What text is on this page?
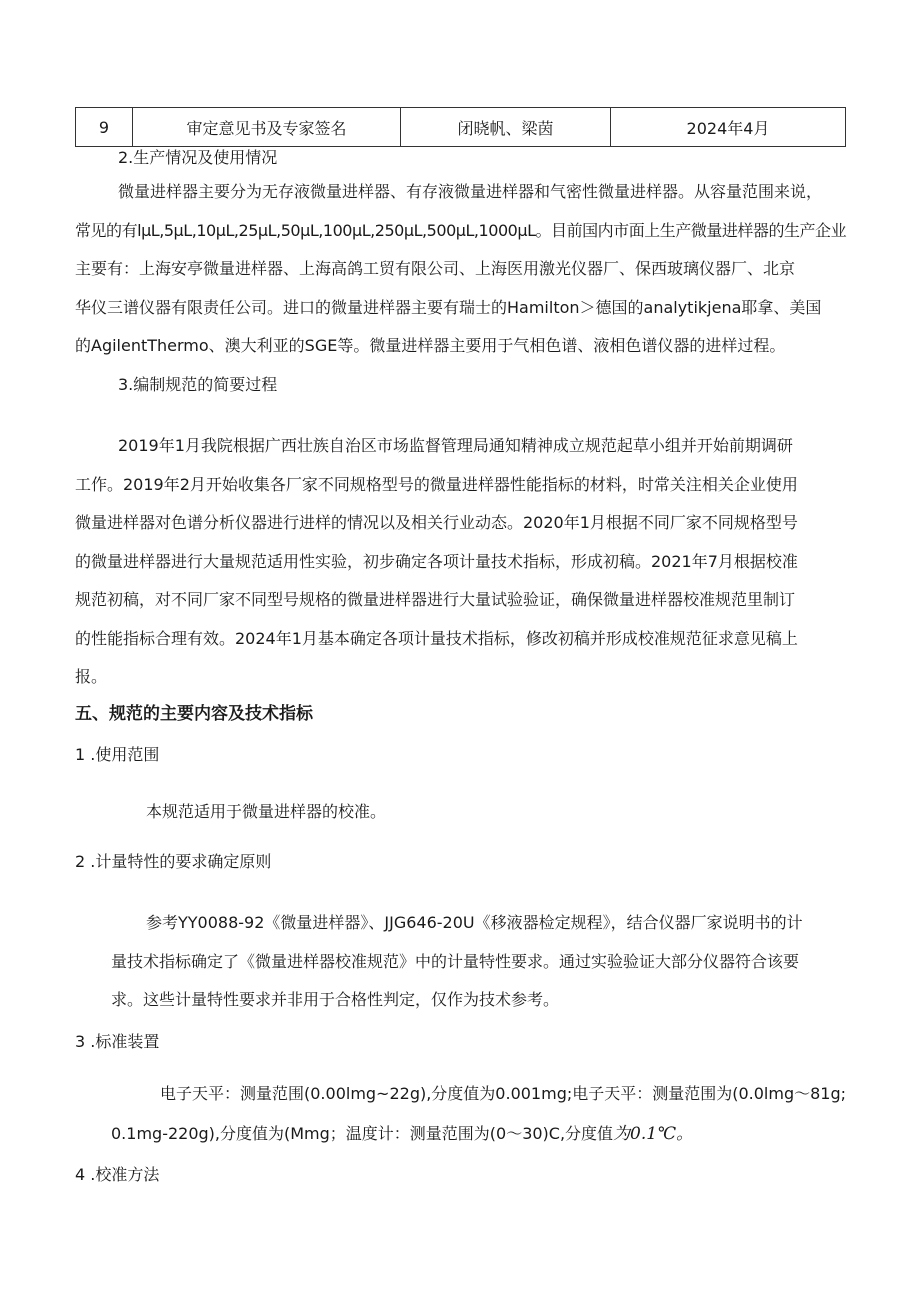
9	审定意见书及专家签名	闭晓帆、梁茵	2024年4月
2.生产情况及使用情况
微量进样器主要分为无存液微量进样器、有存液微量进样器和气密性微量进样器。从容量范围来说，
常见的有lμL,5μL,10μL,25μL,50μL,100μL,250μL,500μL,1000μL。目前国内市面上生产微量进样器的生产企业
主要有：上海安亭微量进样器、上海高鸽工贸有限公司、上海医用激光仪器厂、保西玻璃仪器厂、北京
华仪三谱仪器有限责任公司。进口的微量进样器主要有瑞士的Hamilton＞德国的analytikjena耶拿、美国
的AgilentThermo、澳大利亚的SGE等。微量进样器主要用于气相色谱、液相色谱仪器的进样过程。
3.编制规范的简要过程
2019年1月我院根据广西壮族自治区市场监督管理局通知精神成立规范起草小组并开始前期调研
工作。2019年2月开始收集各厂家不同规格型号的微量进样器性能指标的材料，时常关注相关企业使用
微量进样器对色谱分析仪器进行进样的情况以及相关行业动态。2020年1月根据不同厂家不同规格型号
的微量进样器进行大量规范适用性实验，初步确定各项计量技术指标，形成初稿。2021年7月根据校准
规范初稿，对不同厂家不同型号规格的微量进样器进行大量试验验证，确保微量进样器校准规范里制订
的性能指标合理有效。2024年1月基本确定各项计量技术指标，修改初稿并形成校准规范征求意见稿上
报。
五、规范的主要内容及技术指标
1 .使用范围
本规范适用于微量进样器的校准。
2 .计量特性的要求确定原则
参考YY0088-92《微量进样器》、JJG646-20U《移液器检定规程》，结合仪器厂家说明书的计
量技术指标确定了《微量进样器校准规范》中的计量特性要求。通过实验验证大部分仪器符合该要
求。这些计量特性要求并非用于合格性判定，仅作为技术参考。
3 .标准装置
电子天平：测量范围(0.00lmg~22g),分度值为0.001mg;电子天平：测量范围为(0.0lmg～81g;
0.1mg-220g),分度值为(Mmg；温度计：测量范围为(0～30)C,分度值为0.1℃。
4 .校准方法
